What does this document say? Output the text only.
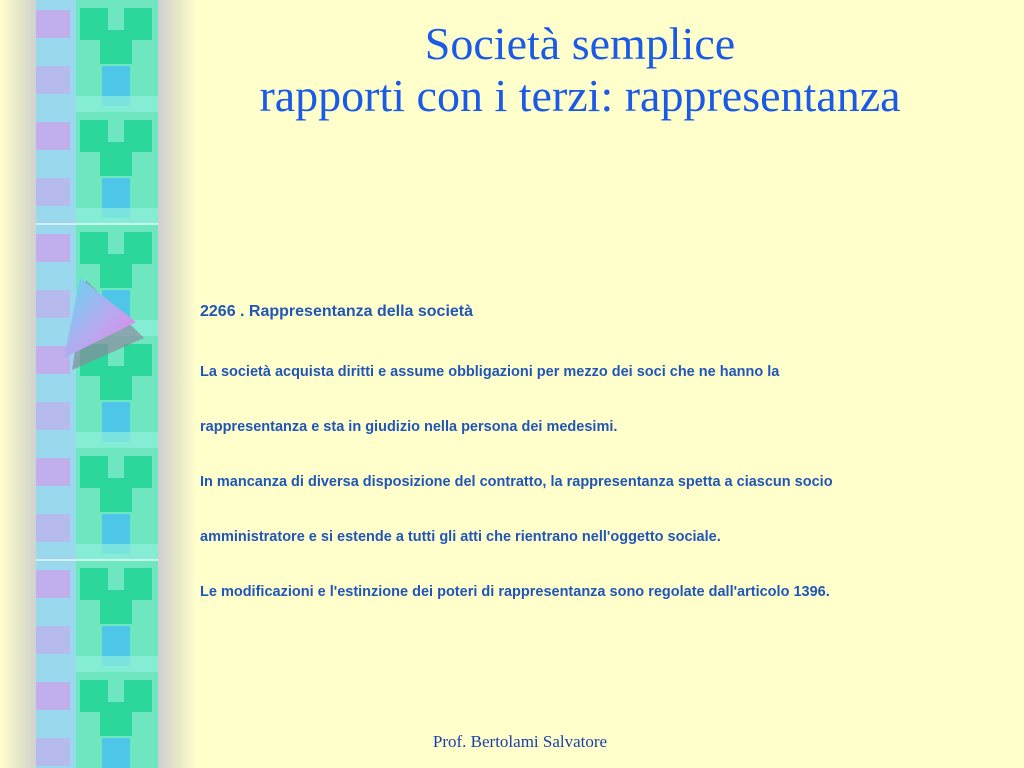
Società semplice
rapporti con i terzi: rappresentanza

2266 . Rappresentanza della società

La società acquista diritti e assume obbligazioni per mezzo dei soci che ne hanno la

rappresentanza e sta in giudizio nella persona dei medesimi.

In mancanza di diversa disposizione del contratto, la rappresentanza spetta a ciascun socio

amministratore e si estende a tutti gli atti che rientrano nell'oggetto sociale.

Le modificazioni e l'estinzione dei poteri di rappresentanza sono regolate dall'articolo 1396.

Prof. Bertolami Salvatore
